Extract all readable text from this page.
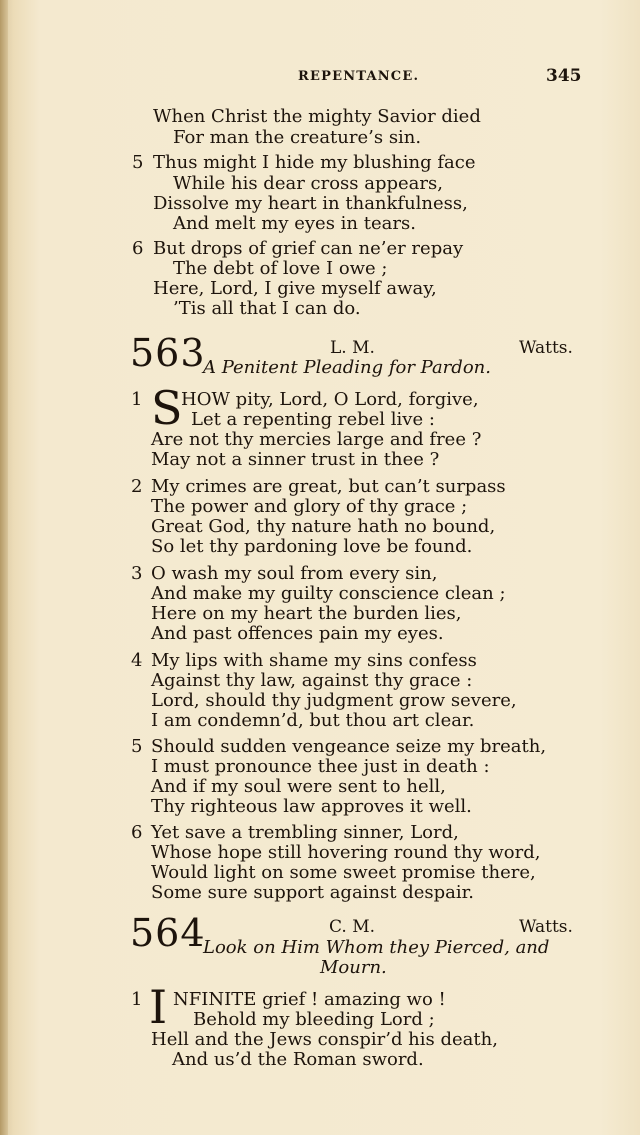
REPENTANCE.	345
When Christ the mighty Savior died
For man the creature’s sin.
5 Thus might I hide my blushing face
While his dear cross appears,
Dissolve my heart in thankfulness,
And melt my eyes in tears.
6 But drops of grief can ne’er repay
The debt of love I owe ;
Here, Lord, I give myself away,
’Tis all that I can do.
563	L. M.	Watts.
A Penitent Pleading for Pardon.
1 S
HOW pity, Lord, O Lord, forgive,
Let a repenting rebel live :
Are not thy mercies large and free ?
May not a sinner trust in thee ?
2 My crimes are great, but can’t surpass
The power and glory of thy grace ;
Great God, thy nature hath no bound,
So let thy pardoning love be found.
3 O wash my soul from every sin,
And make my guilty conscience clean ;
Here on my heart the burden lies,
And past offences pain my eyes.
4 My lips with shame my sins confess
Against thy law, against thy grace :
Lord, should thy judgment grow severe,
I am condemn’d, but thou art clear.
5 Should sudden vengeance seize my breath,
I must pronounce thee just in death :
And if my soul were sent to hell,
Thy righteous law approves it well.
6 Yet save a trembling sinner, Lord,
Whose hope still hovering round thy word,
Would light on some sweet promise there,
Some sure support against despair.
564	C. M.	Watts.
Look on Him Whom they Pierced, and
Mourn.
1 I NFINITE grief ! amazing wo !
Behold my bleeding Lord ;
Hell and the Jews conspir’d his death,
And us’d the Roman sword.
